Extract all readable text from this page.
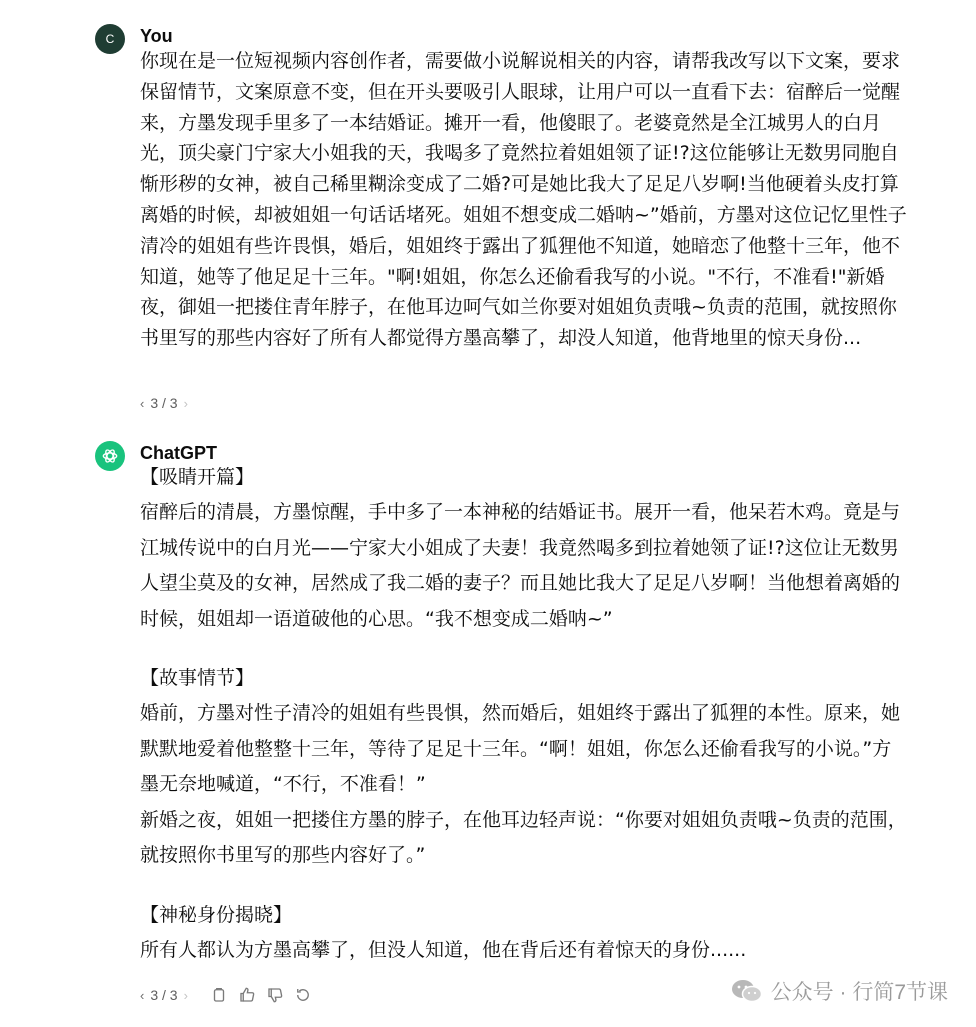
C You
你现在是一位短视频内容创作者，需要做小说解说相关的内容，请帮我改写以下文案，要求保留情节，文案原意不变，但在开头要吸引人眼球，让用户可以一直看下去：宿醉后一觉醒来，方墨发现手里多了一本结婚证。摊开一看，他傻眼了。老婆竟然是全江城男人的白月光，顶尖豪门宁家大小姐我的天，我喝多了竟然拉着姐姐领了证!?这位能够让无数男同胞自惭形秽的女神，被自己稀里糊涂变成了二婚?可是她比我大了足足八岁啊!当他硬着头皮打算离婚的时候，却被姐姐一句话话堵死。姐姐不想变成二婚呐~”婚前，方墨对这位记忆里性子清冷的姐姐有些许畏惧，婚后，姐姐终于露出了狐狸他不知道，她暗恋了他整十三年，他不知道，她等了他足足十三年。"啊!姐姐，你怎么还偷看我写的小说。"不行，不准看!"新婚夜，御姐一把搂住青年脖子，在他耳边呵气如兰你要对姐姐负责哦~负责的范围，就按照你书里写的那些内容好了所有人都觉得方墨高攀了，却没人知道，他背地里的惊天身份...
‹ 3 / 3 ›
ChatGPT
【吸睛开篇】
宿醉后的清晨，方墨惊醒，手中多了一本神秘的结婚证书。展开一看，他呆若木鸡。竟是与江城传说中的白月光——宁家大小姐成了夫妻！我竟然喝多到拉着她领了证!?这位让无数男人望尘莫及的女神，居然成了我二婚的妻子？而且她比我大了足足八岁啊！当他想着离婚的时候，姐姐却一语道破他的心思。“我不想变成二婚呐~”
【故事情节】
婚前，方墨对性子清冷的姐姐有些畏惧，然而婚后，姐姐终于露出了狐狸的本性。原来，她默默地爱着他整整十三年，等待了足足十三年。“啊！姐姐，你怎么还偷看我写的小说。”方墨无奈地喊道，“不行，不准看！”
新婚之夜，姐姐一把搂住方墨的脖子，在他耳边轻声说：“你要对姐姐负责哦~负责的范围，就按照你书里写的那些内容好了。”
【神秘身份揭晓】
所有人都认为方墨高攀了，但没人知道，他在背后还有着惊天的身份......
‹ 3 / 3 ›	公众号 · 行简7节课
